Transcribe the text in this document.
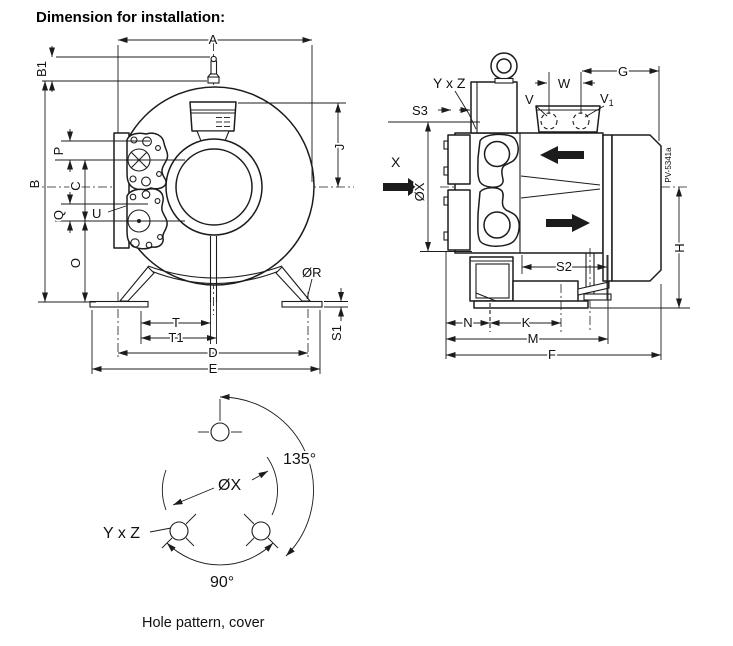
Dimension for installation:
A
B1
B
P
C
Q U
O
J
T
T1
D
E
ØR
S1
X
ØX
S3
Y x Z	W
G
V	$V_1$
S2
N	K
M
F
H
PV-5341a
135°
90°
ØX
Y x Z
Hole pattern, cover
